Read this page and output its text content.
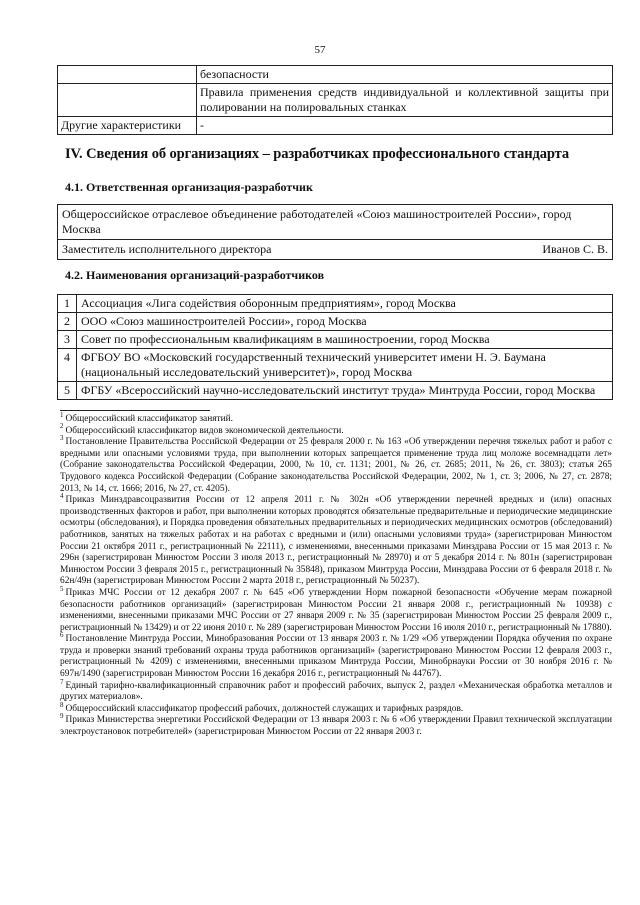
57
	безопасности
	Правила применения средств индивидуальной и коллективной защиты при полировании на полировальных станках
Другие характеристики	-
IV. Сведения об организациях – разработчиках профессионального стандарта
4.1. Ответственная организация-разработчик
Общероссийское отраслевое объединение работодателей «Союз машиностроителей России», город Москва

Заместитель исполнительного директора	Иванов С. В.
4.2. Наименования организаций-разработчиков
1	Ассоциация «Лига содействия оборонным предприятиям», город Москва
2	ООО «Союз машиностроителей России», город Москва
3	Совет по профессиональным квалификациям в машиностроении, город Москва
4	ФГБОУ ВО «Московский государственный технический университет имени Н. Э. Баумана (национальный исследовательский университет)», город Москва
5	ФГБУ «Всероссийский научно-исследовательский институт труда» Минтруда России, город Москва

$^1$ Общероссийский классификатор занятий.

$^2$ Общероссийский классификатор видов экономической деятельности.

$^3$ Постановление Правительства Российской Федерации от 25 февраля 2000 г. № 163 «Об утверждении перечня тяжелых работ и работ с вредными или опасными условиями труда, при выполнении которых запрещается применение труда лиц моложе восемнадцати лет» (Собрание законодательства Российской Федерации, 2000, № 10, ст. 1131; 2001, № 26, ст. 2685; 2011, № 26, ст. 3803); статья 265 Трудового кодекса Российской Федерации (Собрание законодательства Российской Федерации, 2002, № 1, ст. 3; 2006, № 27, ст. 2878; 2013, № 14, ст. 1666; 2016, № 27, ст. 4205).

$^4$ Приказ Минздравсоцразвития России от 12 апреля 2011 г. № 302н «Об утверждении перечней вредных и (или) опасных производственных факторов и работ, при выполнении которых проводятся обязательные предварительные и периодические медицинские осмотры (обследования), и Порядка проведения обязательных предварительных и периодических медицинских осмотров (обследований) работников, занятых на тяжелых работах и на работах с вредными и (или) опасными условиями труда» (зарегистрирован Минюстом России 21 октября 2011 г., регистрационный № 22111), с изменениями, внесенными приказами Минздрава России от 15 мая 2013 г. № 296н (зарегистрирован Минюстом России 3 июля 2013 г., регистрационный № 28970) и от 5 декабря 2014 г. № 801н (зарегистрирован Минюстом России 3 февраля 2015 г., регистрационный № 35848), приказом Минтруда России, Минздрава России от 6 февраля 2018 г. № 62н/49н (зарегистрирован Минюстом России 2 марта 2018 г., регистрационный № 50237).

$^5$ Приказ МЧС России от 12 декабря 2007 г. № 645 «Об утверждении Норм пожарной безопасности «Обучение мерам пожарной безопасности работников организаций» (зарегистрирован Минюстом России 21 января 2008 г., регистрационный № 10938) с изменениями, внесенными приказами МЧС России от 27 января 2009 г. № 35 (зарегистрирован Минюстом России 25 февраля 2009 г., регистрационный № 13429) и от 22 июня 2010 г. № 289 (зарегистрирован Минюстом России 16 июля 2010 г., регистрационный № 17880).

$^6$ Постановление Минтруда России, Минобразования России от 13 января 2003 г. № 1/29 «Об утверждении Порядка обучения по охране труда и проверки знаний требований охраны труда работников организаций» (зарегистрировано Минюстом России 12 февраля 2003 г., регистрационный № 4209) с изменениями, внесенными приказом Минтруда России, Минобрнауки России от 30 ноября 2016 г. № 697н/1490 (зарегистрирован Минюстом России 16 декабря 2016 г., регистрационный № 44767).

$^7$ Единый тарифно-квалификационный справочник работ и профессий рабочих, выпуск 2, раздел «Механическая обработка металлов и других материалов».

$^8$ Общероссийский классификатор профессий рабочих, должностей служащих и тарифных разрядов.

$^9$ Приказ Министерства энергетики Российской Федерации от 13 января 2003 г. № 6 «Об утверждении Правил технической эксплуатации электроустановок потребителей» (зарегистрирован Минюстом России от 22 января 2003 г.
